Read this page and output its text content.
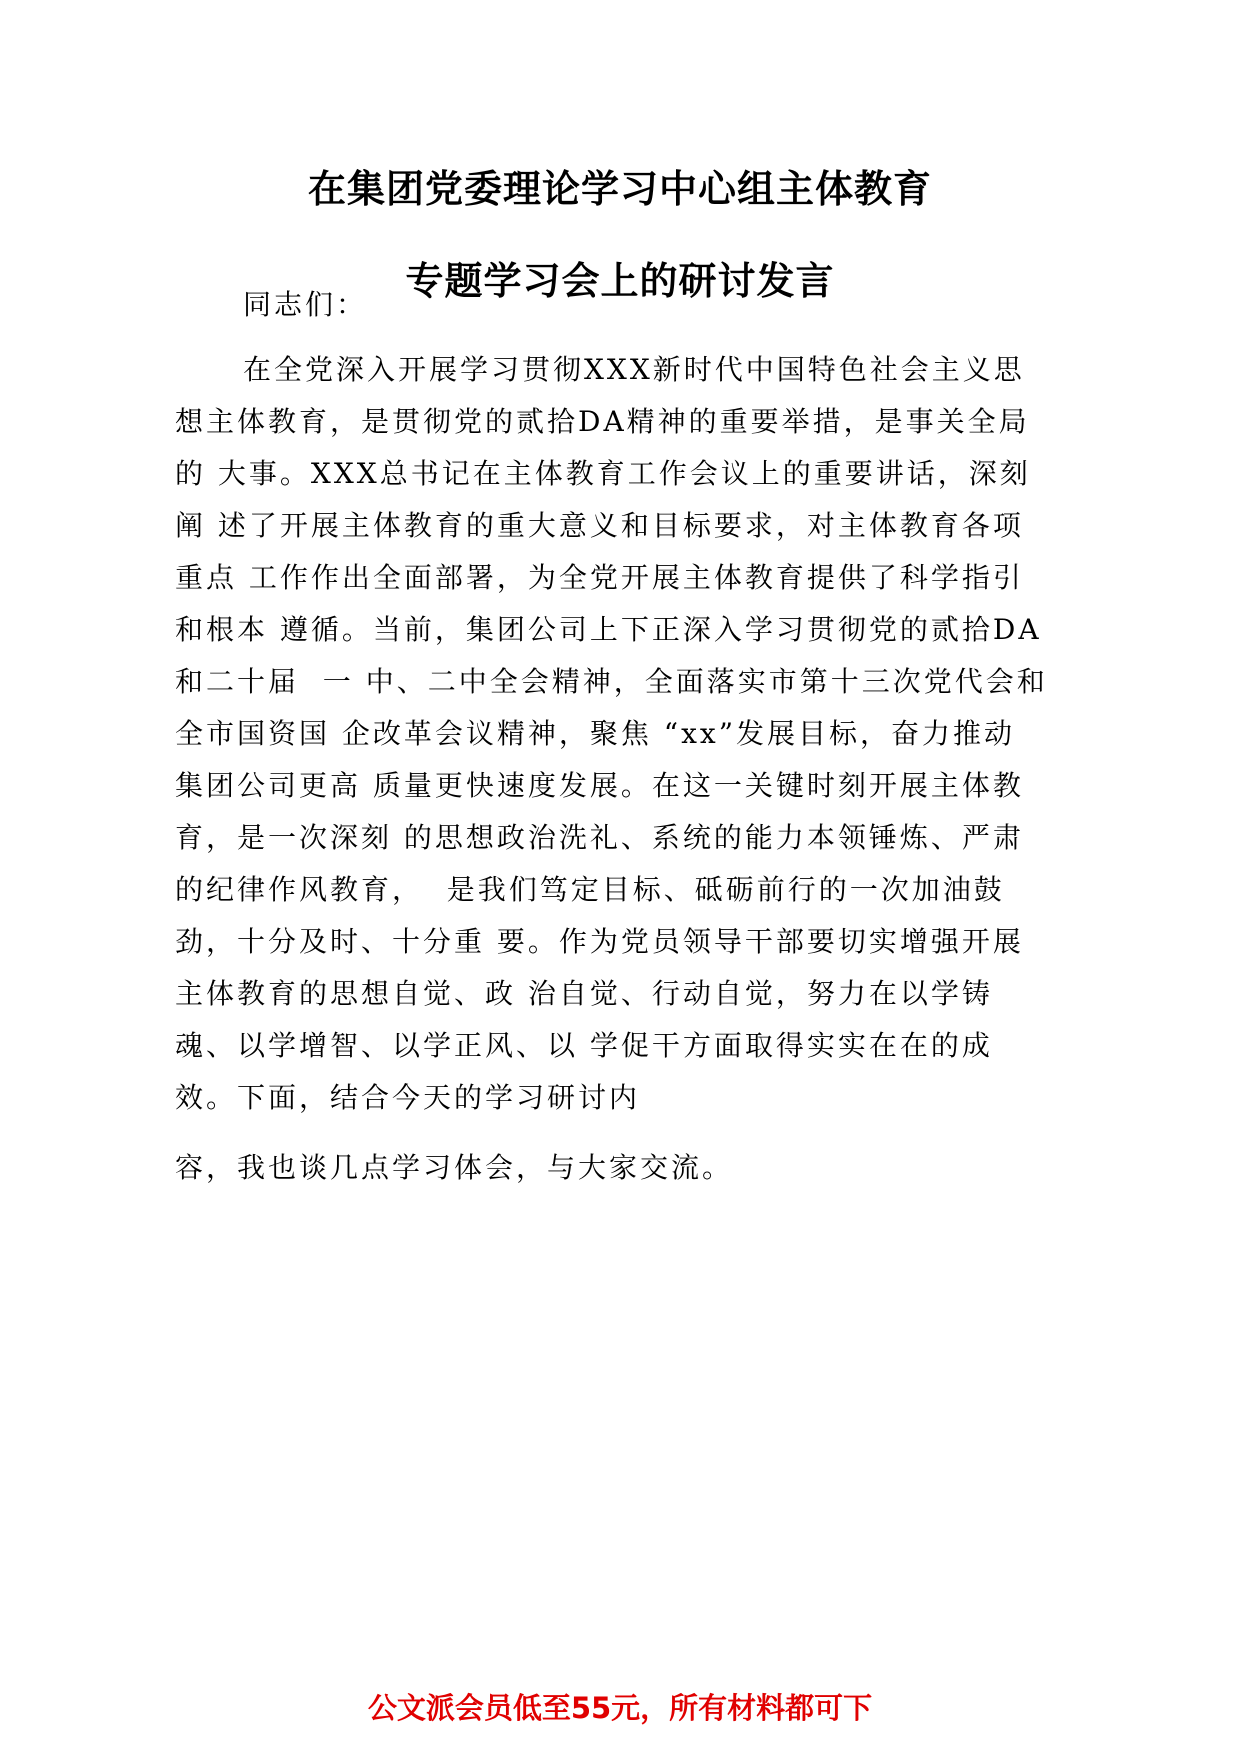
在集团党委理论学习中心组主体教育
专题学习会上的研讨发言
同志们：
在全党深入开展学习贯彻XXX新时代中国特色社会主义思
想主体教育，是贯彻党的贰拾DA精神的重要举措，是事关全局
的 大事。XXX总书记在主体教育工作会议上的重要讲话，深刻
阐 述了开展主体教育的重大意义和目标要求，对主体教育各项
重点 工作作出全面部署，为全党开展主体教育提供了科学指引
和根本 遵循。当前，集团公司上下正深入学习贯彻党的贰拾DA
和二十届  一 中、二中全会精神，全面落实市第十三次党代会和
全市国资国 企改革会议精神，聚焦 “xx”发展目标，奋力推动
集团公司更高 质量更快速度发展。在这一关键时刻开展主体教
育，是一次深刻 的思想政治洗礼、系统的能力本领锤炼、严肃
的纪律作风教育，  是我们笃定目标、砥砺前行的一次加油鼓
劲，十分及时、十分重 要。作为党员领导干部要切实增强开展
主体教育的思想自觉、政 治自觉、行动自觉，努力在以学铸
魂、以学增智、以学正风、以 学促干方面取得实实在在的成
效。下面，结合今天的学习研讨内
容，我也谈几点学习体会，与大家交流。
公文派会员低至55元，所有材料都可下
